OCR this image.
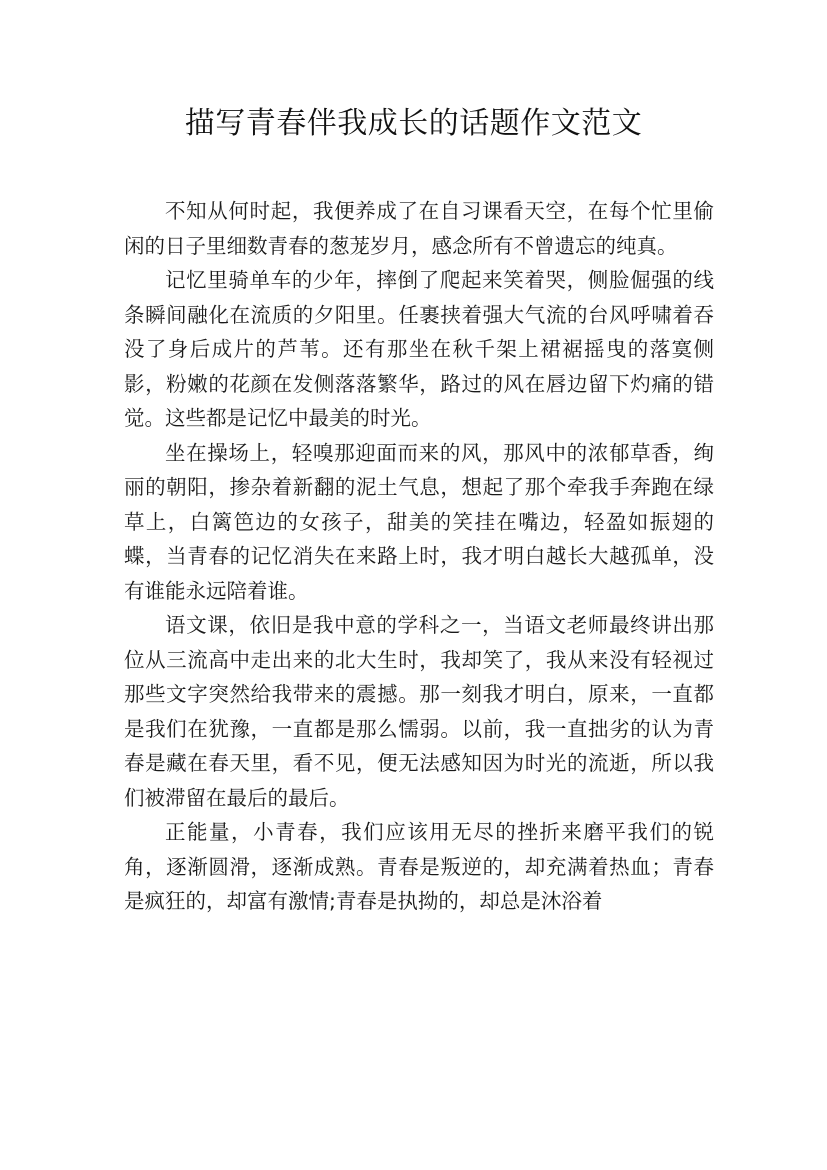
描写青春伴我成长的话题作文范文

不知从何时起，我便养成了在自习课看天空，在每个忙里偷闲的日子里细数青春的葱茏岁月，感念所有不曾遗忘的纯真。

记忆里骑单车的少年，摔倒了爬起来笑着哭，侧脸倔强的线条瞬间融化在流质的夕阳里。任裹挟着强大气流的台风呼啸着吞没了身后成片的芦苇。还有那坐在秋千架上裙裾摇曳的落寞侧影，粉嫩的花颜在发侧落落繁华，路过的风在唇边留下灼痛的错觉。这些都是记忆中最美的时光。

坐在操场上，轻嗅那迎面而来的风，那风中的浓郁草香，绚丽的朝阳，掺杂着新翻的泥土气息，想起了那个牵我手奔跑在绿草上，白篱笆边的女孩子，甜美的笑挂在嘴边，轻盈如振翅的蝶，当青春的记忆消失在来路上时，我才明白越长大越孤单，没有谁能永远陪着谁。

语文课，依旧是我中意的学科之一，当语文老师最终讲出那位从三流高中走出来的北大生时，我却笑了，我从来没有轻视过那些文字突然给我带来的震撼。那一刻我才明白，原来，一直都是我们在犹豫，一直都是那么懦弱。以前，我一直拙劣的认为青春是藏在春天里，看不见，便无法感知因为时光的流逝，所以我们被滞留在最后的最后。

正能量，小青春，我们应该用无尽的挫折来磨平我们的锐角，逐渐圆滑，逐渐成熟。青春是叛逆的，却充满着热血；青春是疯狂的，却富有激情;青春是执拗的，却总是沐浴着
